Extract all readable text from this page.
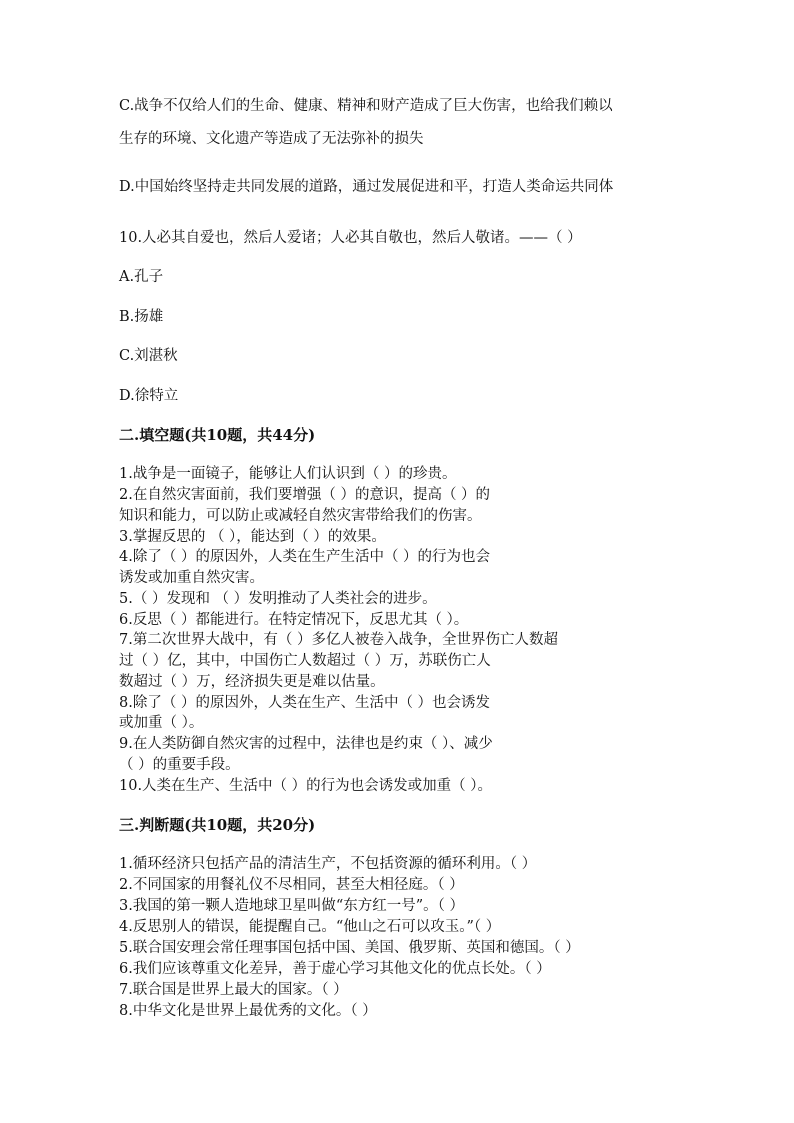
C.战争不仅给人们的生命、健康、精神和财产造成了巨大伤害，也给我们赖以

生存的环境、文化遗产等造成了无法弥补的损失

D.中国始终坚持走共同发展的道路，通过发展促进和平，打造人类命运共同体

10.人必其自爱也，然后人爱诸；人必其自敬也，然后人敬诸。——（ ）

A.孔子

B.扬雄

C.刘湛秋

D.徐特立

二.填空题(共10题，共44分)

1.战争是一面镜子，能够让人们认识到（ ）的珍贵。

2.在自然灾害面前，我们要增强（ ）的意识，提高（ ）的

知识和能力，可以防止或减轻自然灾害带给我们的伤害。

3.掌握反思的 （ ），能达到（ ）的效果。

4.除了（ ）的原因外，人类在生产生活中（ ）的行为也会

诱发或加重自然灾害。

5.（ ）发现和 （ ）发明推动了人类社会的进步。

6.反思（ ）都能进行。在特定情况下，反思尤其（ ）。

7.第二次世界大战中，有（ ）多亿人被卷入战争，全世界伤亡人数超

过（ ）亿，其中，中国伤亡人数超过（ ）万，苏联伤亡人

数超过（ ）万，经济损失更是难以估量。

8.除了（ ）的原因外，人类在生产、生活中（ ）也会诱发

或加重（ ）。

9.在人类防御自然灾害的过程中，法律也是约束（ ）、减少

（ ）的重要手段。

10.人类在生产、生活中（ ）的行为也会诱发或加重（ ）。

三.判断题(共10题，共20分)

1.循环经济只包括产品的清洁生产，不包括资源的循环利用。（ ）

2.不同国家的用餐礼仪不尽相同，甚至大相径庭。（ ）

3.我国的第一颗人造地球卫星叫做“东方红一号”。（ ）

4.反思别人的错误，能提醒自己。“他山之石可以攻玉。”（ ）

5.联合国安理会常任理事国包括中国、美国、俄罗斯、英国和德国。（ ）

6.我们应该尊重文化差异，善于虚心学习其他文化的优点长处。（ ）

7.联合国是世界上最大的国家。（ ）

8.中华文化是世界上最优秀的文化。（ ）
